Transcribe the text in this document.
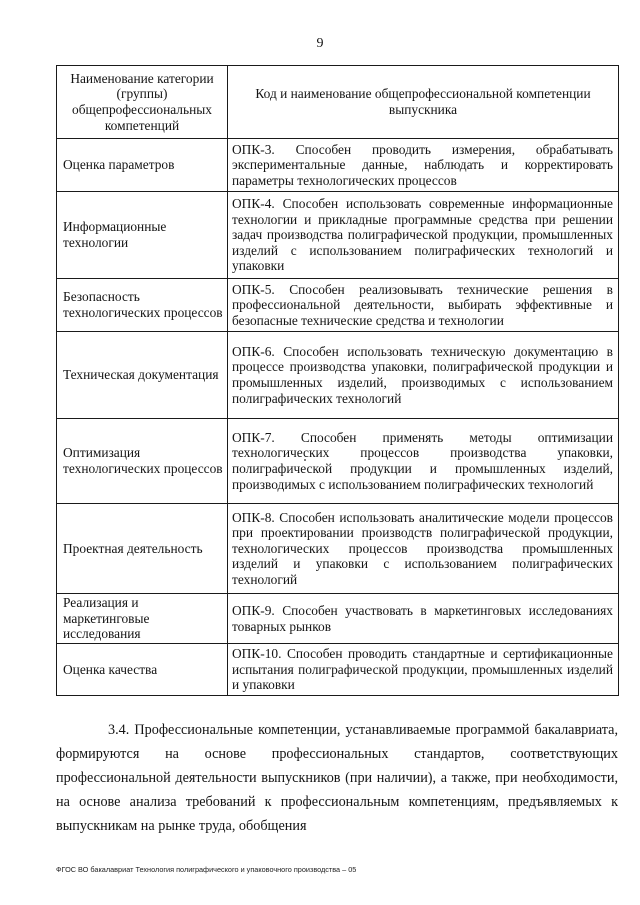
9
Наименование категории (группы) общепрофессиональных компетенций	Код и наименование общепрофессиональной компетенции выпускника
Оценка параметров	ОПК-3. Способен проводить измерения, обрабатывать экспериментальные данные, наблюдать и корректировать параметры технологических процессов
Информационные технологии	ОПК-4. Способен использовать современные информационные технологии и прикладные программные средства при решении задач производства полиграфической продукции, промышленных изделий с использованием полиграфических технологий и упаковки
Безопасность технологических процессов	ОПК-5. Способен реализовывать технические решения в профессиональной деятельности, выбирать эффективные и безопасные технические средства и технологии
Техническая документация	ОПК-6. Способен использовать техническую документацию в процессе производства упаковки, полиграфической продукции и промышленных изделий, производимых с использованием полиграфических технологий
Оптимизация технологических процессов	ОПК-7. Способен применять методы оптимизации технологических процессов производства упаковки, полиграфической продукции и промышленных изделий, производимых с использованием полиграфических технологий
Проектная деятельность	ОПК-8. Способен использовать аналитические модели процессов при проектировании производств полиграфической продукции, технологических процессов производства промышленных изделий и упаковки с использованием полиграфических технологий
Реализация и маркетинговые исследования	ОПК-9. Способен участвовать в маркетинговых исследованиях товарных рынков
Оценка качества	ОПК-10. Способен проводить стандартные и сертификационные испытания полиграфической продукции, промышленных изделий и упаковки
3.4. Профессиональные компетенции, устанавливаемые программой бакалавриата, формируются на основе профессиональных стандартов, соответствующих профессиональной деятельности выпускников (при наличии), а также, при необходимости, на основе анализа требований к профессиональным компетенциям, предъявляемых к выпускникам на рынке труда, обобщения
ФГОС ВО бакалавриат Технология полиграфического и упаковочного производства – 05
